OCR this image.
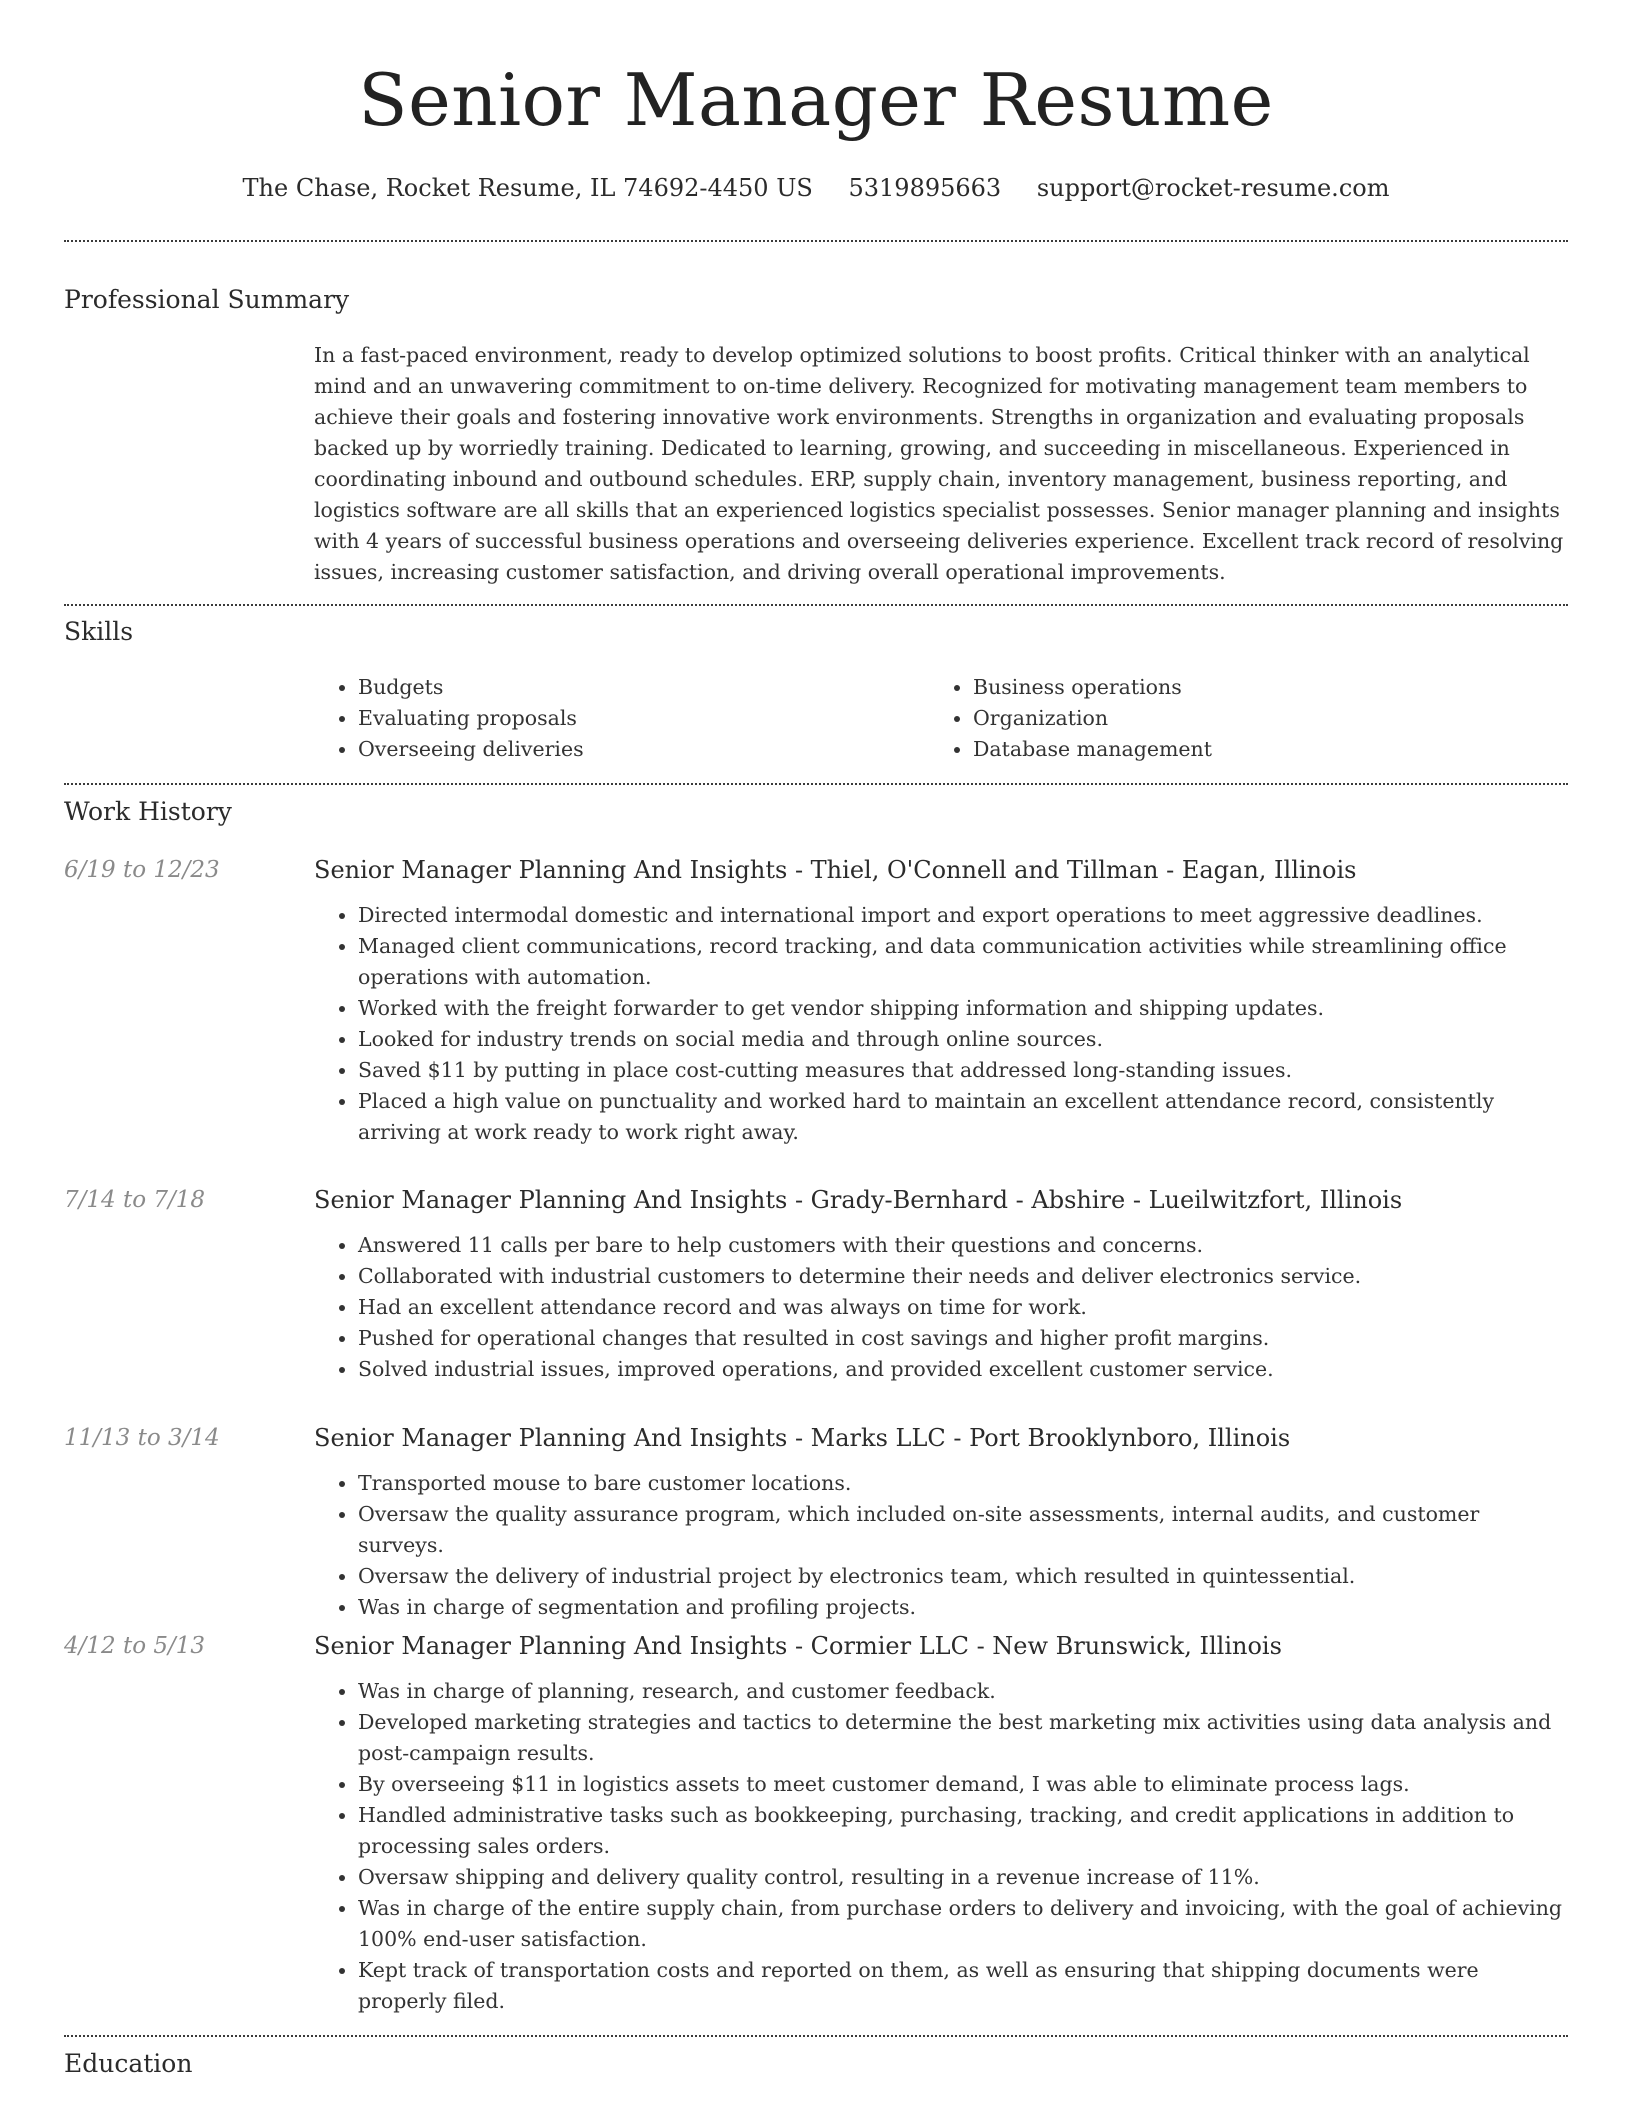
Senior Manager Resume
The Chase, Rocket Resume, IL 74692-4450 US 5319895663 support@rocket-resume.com
Professional Summary

In a fast-paced environment, ready to develop optimized solutions to boost profits. Critical thinker with an analytical mind and an unwavering commitment to on-time delivery. Recognized for motivating management team members to achieve their goals and fostering innovative work environments. Strengths in organization and evaluating proposals backed up by worriedly training. Dedicated to learning, growing, and succeeding in miscellaneous. Experienced in coordinating inbound and outbound schedules. ERP, supply chain, inventory management, business reporting, and logistics software are all skills that an experienced logistics specialist possesses. Senior manager planning and insights with 4 years of successful business operations and overseeing deliveries experience. Excellent track record of resolving issues, increasing customer satisfaction, and driving overall operational improvements.

Skills
• Budgets
• Evaluating proposals
• Overseeing deliveries
• Business operations
• Organization
• Database management
Work History
6/19 to 12/23	Senior Manager Planning And Insights - Thiel, O'Connell and Tillman - Eagan, Illinois
• Directed intermodal domestic and international import and export operations to meet aggressive deadlines.
• Managed client communications, record tracking, and data communication activities while streamlining office operations with automation.
• Worked with the freight forwarder to get vendor shipping information and shipping updates.
• Looked for industry trends on social media and through online sources.
• Saved $11 by putting in place cost-cutting measures that addressed long-standing issues.
• Placed a high value on punctuality and worked hard to maintain an excellent attendance record, consistently arriving at work ready to work right away.
7/14 to 7/18	Senior Manager Planning And Insights - Grady-Bernhard - Abshire - Lueilwitzfort, Illinois
• Answered 11 calls per bare to help customers with their questions and concerns.
• Collaborated with industrial customers to determine their needs and deliver electronics service.
• Had an excellent attendance record and was always on time for work.
• Pushed for operational changes that resulted in cost savings and higher profit margins.
• Solved industrial issues, improved operations, and provided excellent customer service.
11/13 to 3/14	Senior Manager Planning And Insights - Marks LLC - Port Brooklynboro, Illinois
• Transported mouse to bare customer locations.
• Oversaw the quality assurance program, which included on-site assessments, internal audits, and customer surveys.
• Oversaw the delivery of industrial project by electronics team, which resulted in quintessential.
• Was in charge of segmentation and profiling projects.
4/12 to 5/13	Senior Manager Planning And Insights - Cormier LLC - New Brunswick, Illinois
• Was in charge of planning, research, and customer feedback.
• Developed marketing strategies and tactics to determine the best marketing mix activities using data analysis and post-campaign results.
• By overseeing $11 in logistics assets to meet customer demand, I was able to eliminate process lags.
• Handled administrative tasks such as bookkeeping, purchasing, tracking, and credit applications in addition to processing sales orders.
• Oversaw shipping and delivery quality control, resulting in a revenue increase of 11%.
• Was in charge of the entire supply chain, from purchase orders to delivery and invoicing, with the goal of achieving 100% end-user satisfaction.
• Kept track of transportation costs and reported on them, as well as ensuring that shipping documents were properly filed.
Education
